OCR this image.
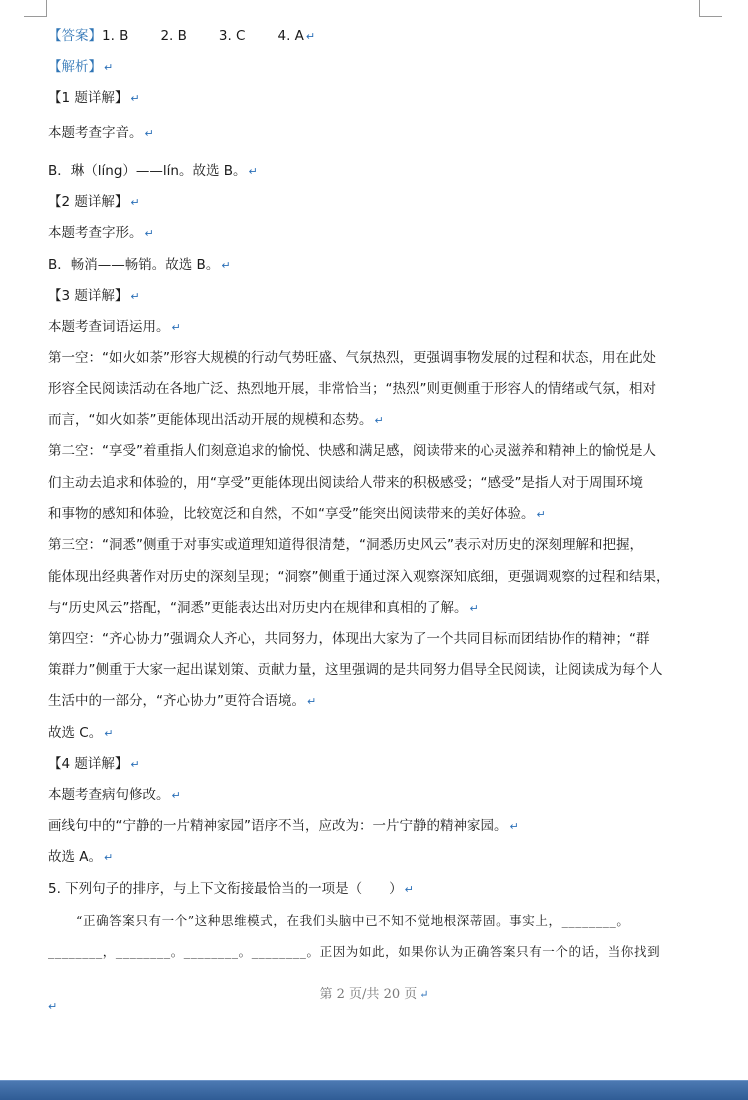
【答案】1. B 2. B 3. C 4. A ↵
【解析】 ↵
【1 题详解】 ↵
本题考查字音。 ↵
B．琳（líng）——lín。故选 B。 ↵
【2 题详解】 ↵
本题考查字形。 ↵
B．畅消——畅销。故选 B。 ↵
【3 题详解】 ↵
本题考查词语运用。 ↵
第一空：“如火如荼”形容大规模的行动气势旺盛、气氛热烈，更强调事物发展的过程和状态，用在此处
形容全民阅读活动在各地广泛、热烈地开展，非常恰当；“热烈”则更侧重于形容人的情绪或气氛，相对
而言，“如火如荼”更能体现出活动开展的规模和态势。 ↵
第二空：“享受”着重指人们刻意追求的愉悦、快感和满足感，阅读带来的心灵滋养和精神上的愉悦是人
们主动去追求和体验的，用“享受”更能体现出阅读给人带来的积极感受；“感受”是指人对于周围环境
和事物的感知和体验，比较宽泛和自然，不如“享受”能突出阅读带来的美好体验。 ↵
第三空：“洞悉”侧重于对事实或道理知道得很清楚，“洞悉历史风云”表示对历史的深刻理解和把握，
能体现出经典著作对历史的深刻呈现；“洞察”侧重于通过深入观察深知底细，更强调观察的过程和结果，
与“历史风云”搭配，“洞悉”更能表达出对历史内在规律和真相的了解。 ↵
第四空：“齐心协力”强调众人齐心，共同努力，体现出大家为了一个共同目标而团结协作的精神；“群
策群力”侧重于大家一起出谋划策、贡献力量，这里强调的是共同努力倡导全民阅读，让阅读成为每个人
生活中的一部分，“齐心协力”更符合语境。 ↵
故选 C。 ↵
【4 题详解】 ↵
本题考查病句修改。 ↵
画线句中的“宁静的一片精神家园”语序不当，应改为：一片宁静的精神家园。 ↵
故选 A。 ↵
5. 下列句子的排序，与上下文衔接最恰当的一项是（　　） ↵
“正确答案只有一个”这种思维模式，在我们头脑中已不知不觉地根深蒂固。事实上，________。
________，________。________。________。正因为如此，如果你认为正确答案只有一个的话，当你找到
第 2 页/共 20 页 ↵
↵
